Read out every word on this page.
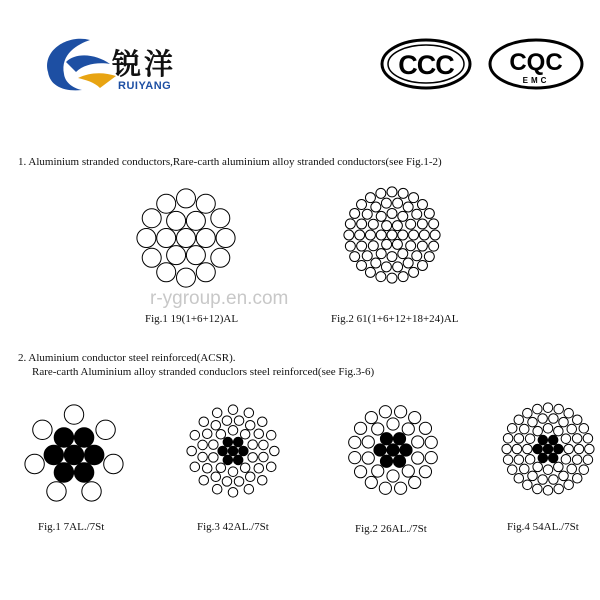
锐洋
RUIYANG
CCC CQC
EMC
1. Aluminium stranded conductors,Rare-carth aluminium alloy stranded conductors(see Fig.1-2)
Fig.1 19(1+6+12)AL	Fig.2 61(1+6+12+18+24)AL
r-ygroup.en.com
2. Aluminium conductor steel reinforced(ACSR).
Rare-carth Aluminium alloy stranded conduclors steel reinforced(see Fig.3-6)
Fig.1 7AL./7St	Fig.3 42AL./7St	Fig.2 26AL./7St	Fig.4 54AL./7St
